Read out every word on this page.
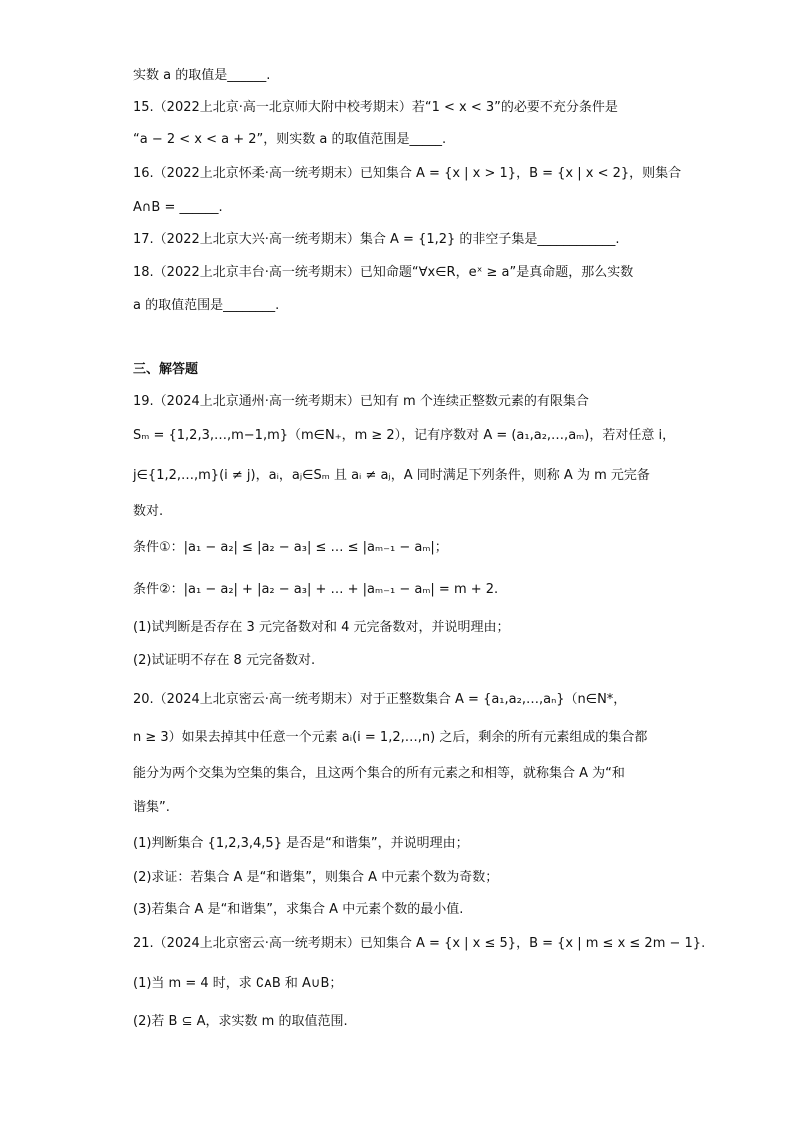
实数 a 的取值是______.
15.（2022上北京·高一北京师大附中校考期末）若“1 < x < 3”的必要不充分条件是
“a − 2 < x < a + 2”，则实数 a 的取值范围是_____.
16.（2022上北京怀柔·高一统考期末）已知集合 A = {x | x > 1}，B = {x | x < 2}，则集合
A∩B = ______.
17.（2022上北京大兴·高一统考期末）集合 A = {1,2} 的非空子集是____________.
18.（2022上北京丰台·高一统考期末）已知命题“∀x∈R，eˣ ≥ a”是真命题，那么实数
a 的取值范围是________.
三、解答题
19.（2024上北京通州·高一统考期末）已知有 m 个连续正整数元素的有限集合
Sₘ = {1,2,3,…,m−1,m}（m∈N₊，m ≥ 2），记有序数对 A = (a₁,a₂,…,aₘ)，若对任意 i，
j∈{1,2,…,m}(i ≠ j)，aᵢ，aⱼ∈Sₘ 且 aᵢ ≠ aⱼ，A 同时满足下列条件，则称 A 为 m 元完备
数对.
条件①：|a₁ − a₂| ≤ |a₂ − a₃| ≤ … ≤ |aₘ₋₁ − aₘ|；
条件②：|a₁ − a₂| + |a₂ − a₃| + … + |aₘ₋₁ − aₘ| = m + 2.
(1)试判断是否存在 3 元完备数对和 4 元完备数对，并说明理由；
(2)试证明不存在 8 元完备数对.
20.（2024上北京密云·高一统考期末）对于正整数集合 A = {a₁,a₂,…,aₙ}（n∈N*，
n ≥ 3）如果去掉其中任意一个元素 aᵢ(i = 1,2,…,n) 之后，剩余的所有元素组成的集合都
能分为两个交集为空集的集合，且这两个集合的所有元素之和相等，就称集合 A 为“和
谐集”.
(1)判断集合 {1,2,3,4,5} 是否是“和谐集”，并说明理由；
(2)求证：若集合 A 是“和谐集”，则集合 A 中元素个数为奇数；
(3)若集合 A 是“和谐集”，求集合 A 中元素个数的最小值.
21.（2024上北京密云·高一统考期末）已知集合 A = {x | x ≤ 5}，B = {x | m ≤ x ≤ 2m − 1}.
(1)当 m = 4 时，求 ∁ᴀB 和 A∪B；
(2)若 B ⊆ A，求实数 m 的取值范围.
